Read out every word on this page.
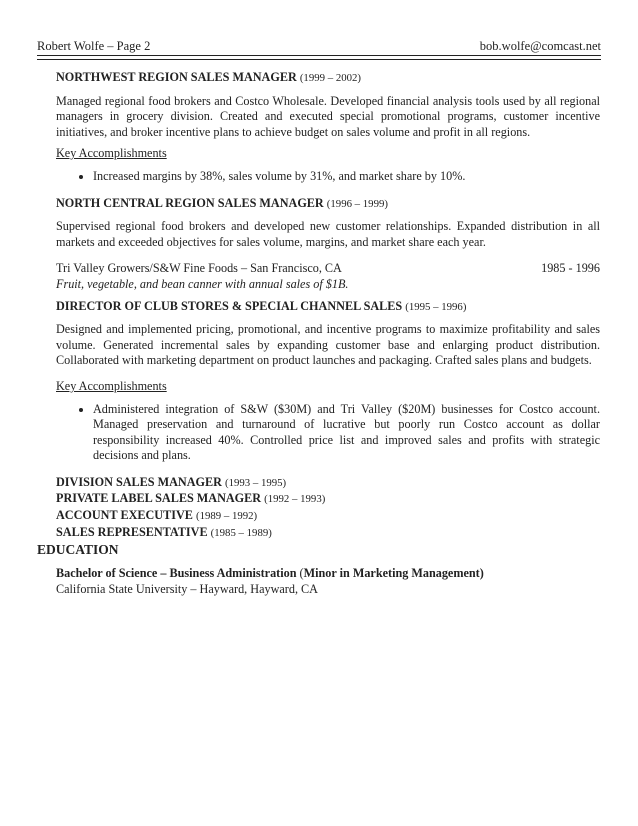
Robert Wolfe – Page 2	bob.wolfe@comcast.net
NORTHWEST REGION SALES MANAGER (1999 – 2002)

Managed regional food brokers and Costco Wholesale. Developed financial analysis tools used by all regional managers in grocery division. Created and executed special promotional programs, customer incentive initiatives, and broker incentive plans to achieve budget on sales volume and profit in all regions.

Key Accomplishments
• Increased margins by 38%, sales volume by 31%, and market share by 10%.
NORTH CENTRAL REGION SALES MANAGER (1996 – 1999)

Supervised regional food brokers and developed new customer relationships. Expanded distribution in all markets and exceeded objectives for sales volume, margins, and market share each year.

Tri Valley Growers/S&W Fine Foods – San Francisco, CA	1985 - 1996
Fruit, vegetable, and bean canner with annual sales of $1B.
DIRECTOR OF CLUB STORES & SPECIAL CHANNEL SALES (1995 – 1996)

Designed and implemented pricing, promotional, and incentive programs to maximize profitability and sales volume. Generated incremental sales by expanding customer base and enlarging product distribution. Collaborated with marketing department on product launches and packaging. Crafted sales plans and budgets.

Key Accomplishments
• Administered integration of S&W ($30M) and Tri Valley ($20M) businesses for Costco account. Managed preservation and turnaround of lucrative but poorly run Costco account as dollar responsibility increased 40%. Controlled price list and improved sales and profits with strategic decisions and plans.
DIVISION SALES MANAGER (1993 – 1995)
PRIVATE LABEL SALES MANAGER (1992 – 1993)
ACCOUNT EXECUTIVE (1989 – 1992)
SALES REPRESENTATIVE (1985 – 1989)
EDUCATION
Bachelor of Science – Business Administration (Minor in Marketing Management)
California State University – Hayward, Hayward, CA
